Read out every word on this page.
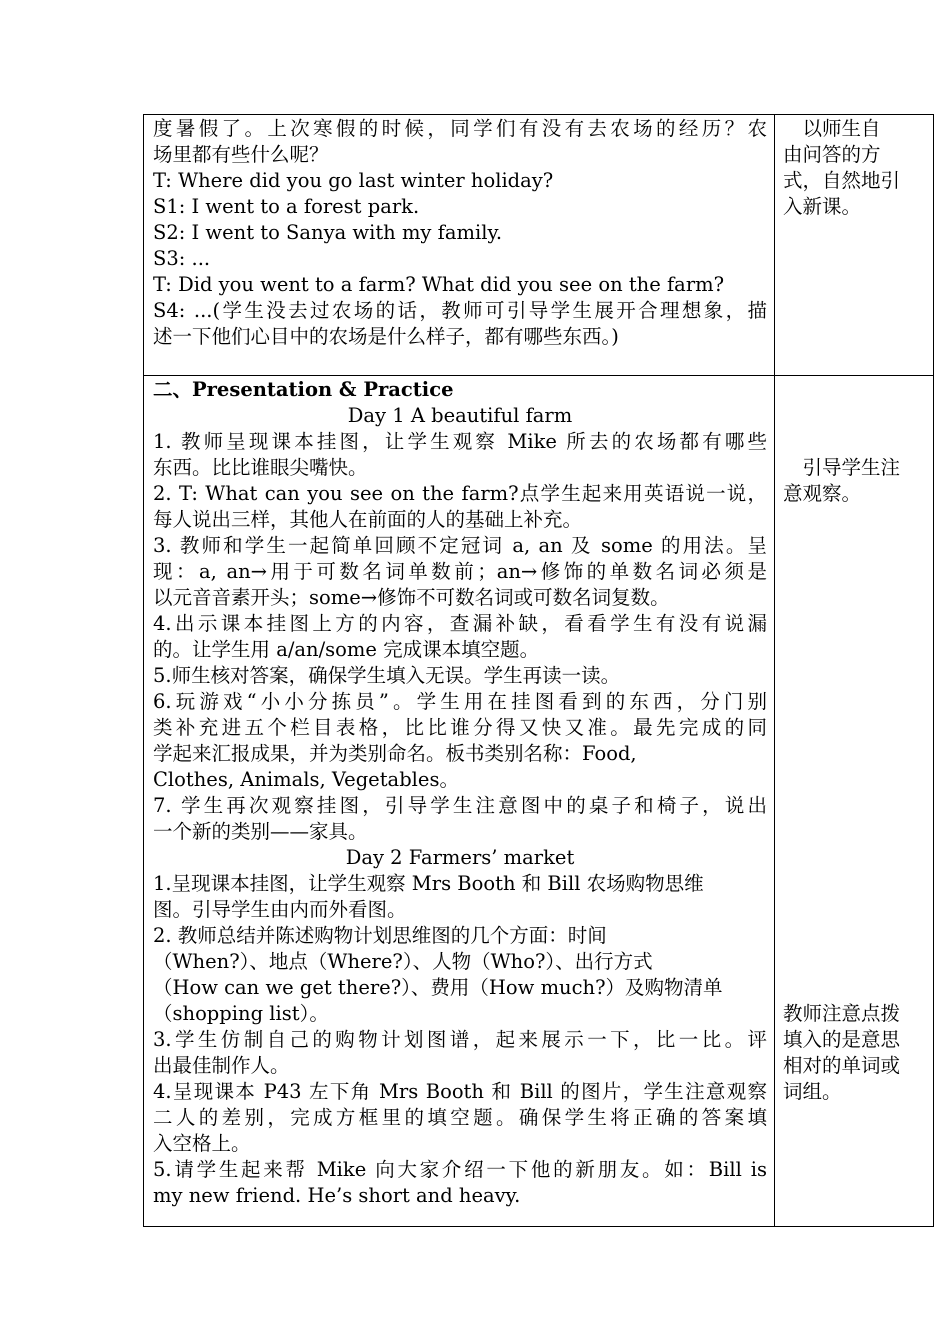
度暑假了。上次寒假的时候，同学们有没有去农场的经历？农
场里都有些什么呢？
T: Where did you go last winter holiday?
S1: I went to a forest park.
S2: I went to Sanya with my family.
S3: ...
T: Did you went to a farm? What did you see on the farm?
S4: ...(学生没去过农场的话，教师可引导学生展开合理想象，描
述一下他们心目中的农场是什么样子，都有哪些东西。)
　以师生自
由问答的方
式，自然地引
入新课。
二、Presentation & Practice
Day 1 A beautiful farm
1. 教师呈现课本挂图，让学生观察 Mike 所去的农场都有哪些
东西。比比谁眼尖嘴快。
2. T: What can you see on the farm?点学生起来用英语说一说，
每人说出三样，其他人在前面的人的基础上补充。
3. 教师和学生一起简单回顾不定冠词 a, an 及 some 的用法。呈
现：a, an→用于可数名词单数前；an→修饰的单数名词必须是
以元音音素开头；some→修饰不可数名词或可数名词复数。
4.出示课本挂图上方的内容，查漏补缺，看看学生有没有说漏
的。让学生用 a/an/some 完成课本填空题。
5.师生核对答案，确保学生填入无误。学生再读一读。
6.玩游戏“小小分拣员”。学生用在挂图看到的东西，分门别
类补充进五个栏目表格，比比谁分得又快又准。最先完成的同
学起来汇报成果，并为类别命名。板书类别名称：Food,
Clothes, Animals, Vegetables。
7. 学生再次观察挂图，引导学生注意图中的桌子和椅子，说出
一个新的类别——家具。
Day 2 Farmers’ market
1.呈现课本挂图，让学生观察 Mrs Booth 和 Bill 农场购物思维
图。引导学生由内而外看图。
2. 教师总结并陈述购物计划思维图的几个方面：时间
（When?）、地点（Where?）、人物（Who?）、出行方式
（How can we get there?）、费用（How much?）及购物清单
（shopping list）。
3.学生仿制自己的购物计划图谱，起来展示一下，比一比。评
出最佳制作人。
4.呈现课本 P43 左下角 Mrs Booth 和 Bill 的图片，学生注意观察
二人的差别，完成方框里的填空题。确保学生将正确的答案填
入空格上。
5.请学生起来帮 Mike 向大家介绍一下他的新朋友。如：Bill is
my new friend. He’s short and heavy.
　引导学生注
意观察。
教师注意点拨
填入的是意思
相对的单词或
词组。
